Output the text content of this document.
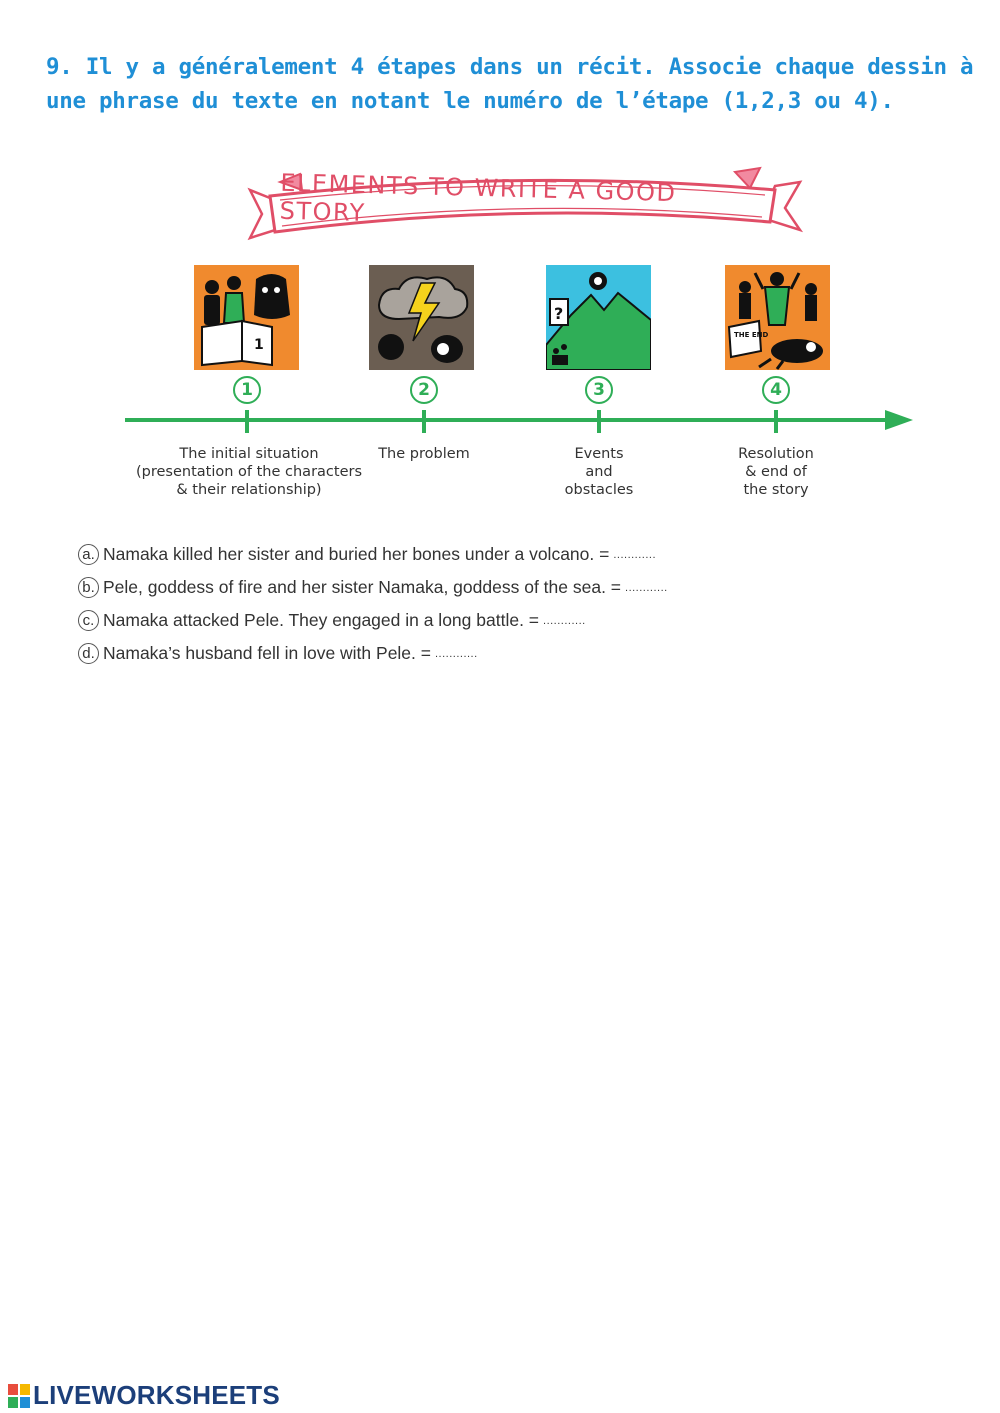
9. Il y a généralement 4 étapes dans un récit. Associe chaque dessin à
une phrase du texte en notant le numéro de l’étape (1,2,3 ou 4).

ELEMENTS TO WRITE A GOOD STORY
1
?
THE END
1	2	3	4
The initial situation
(presentation of the characters
& their relationship)
The problem	Events
and
obstacles
Resolution
& end of
the story
a. Namaka killed her sister and buried her bones under a volcano. = ............
b. Pele, goddess of fire and her sister Namaka, goddess of the sea. = ............
c. Namaka attacked Pele. They engaged in a long battle. = ............
d. Namaka’s husband fell in love with Pele. = ............
LIVEWORKSHEETS
